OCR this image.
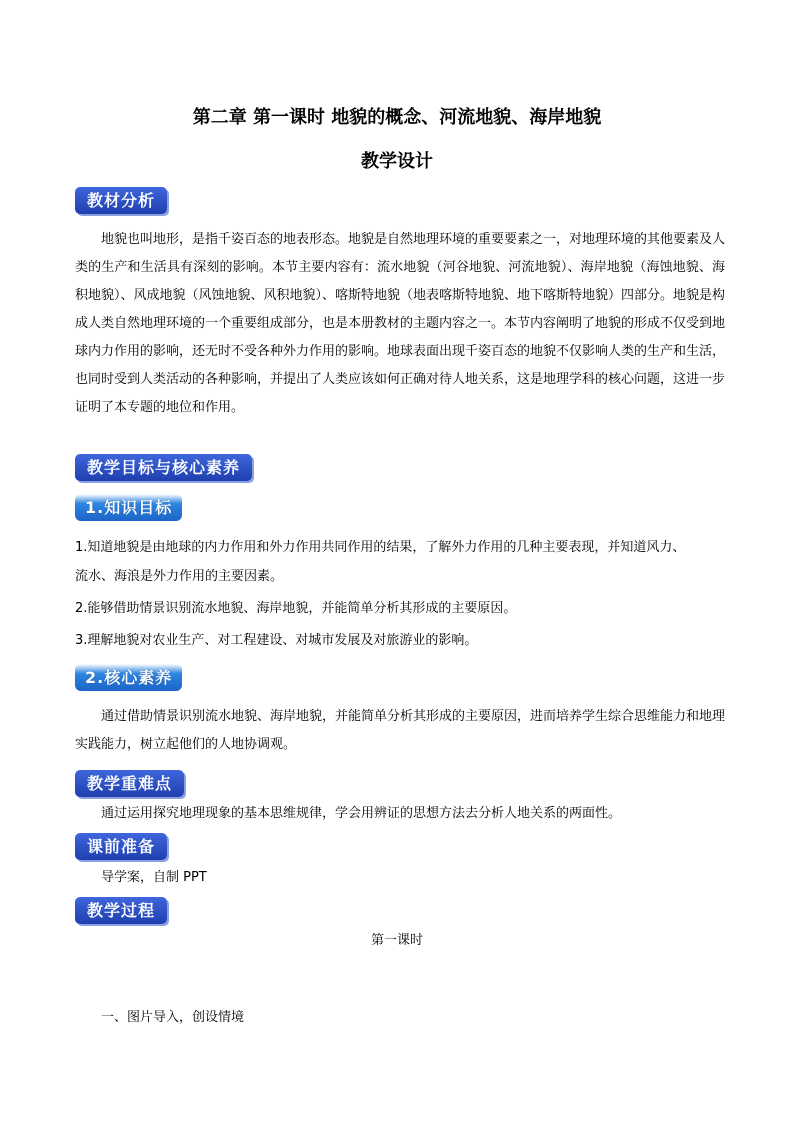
第二章 第一课时 地貌的概念、河流地貌、海岸地貌
教学设计
教材分析
地貌也叫地形，是指千姿百态的地表形态。地貌是自然地理环境的重要要素之一，对地理环境的其他要素及人类的生产和生活具有深刻的影响。本节主要内容有：流水地貌（河谷地貌、河流地貌）、海岸地貌（海蚀地貌、海积地貌）、风成地貌（风蚀地貌、风积地貌）、喀斯特地貌（地表喀斯特地貌、地下喀斯特地貌）四部分。地貌是构成人类自然地理环境的一个重要组成部分，也是本册教材的主题内容之一。本节内容阐明了地貌的形成不仅受到地球内力作用的影响，还无时不受各种外力作用的影响。地球表面出现千姿百态的地貌不仅影响人类的生产和生活，也同时受到人类活动的各种影响，并提出了人类应该如何正确对待人地关系，这是地理学科的核心问题，这进一步证明了本专题的地位和作用。
教学目标与核心素养
1.知识目标
1.知道地貌是由地球的内力作用和外力作用共同作用的结果，了解外力作用的几种主要表现，并知道风力、
流水、海浪是外力作用的主要因素。
2.能够借助情景识别流水地貌、海岸地貌，并能简单分析其形成的主要原因。
3.理解地貌对农业生产、对工程建设、对城市发展及对旅游业的影响。
2.核心素养
通过借助情景识别流水地貌、海岸地貌，并能简单分析其形成的主要原因，进而培养学生综合思维能力和地理实践能力，树立起他们的人地协调观。
教学重难点
通过运用探究地理现象的基本思维规律，学会用辨证的思想方法去分析人地关系的两面性。
课前准备
导学案，自制 PPT
教学过程
第一课时
一、图片导入，创设情境
